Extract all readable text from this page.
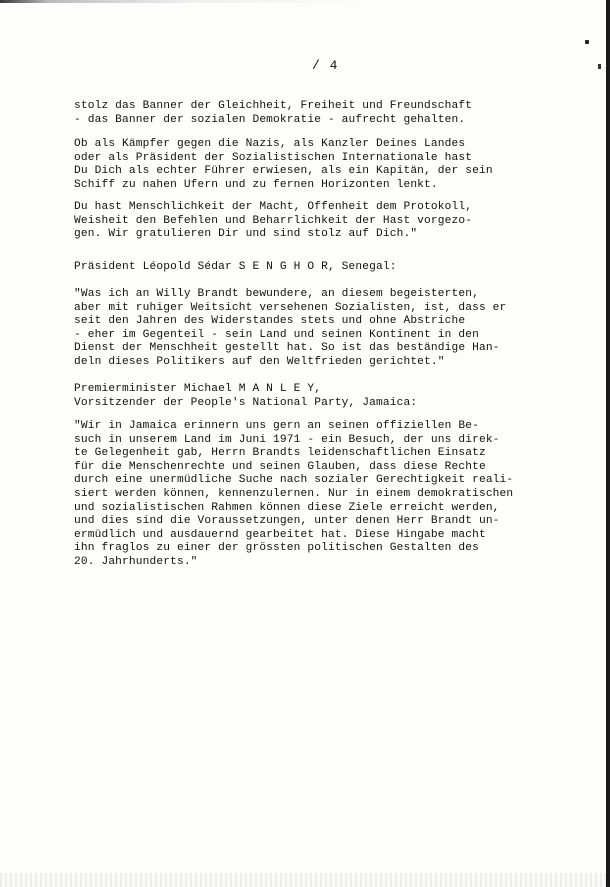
/ 4
stolz das Banner der Gleichheit, Freiheit und Freundschaft
- das Banner der sozialen Demokratie - aufrecht gehalten.
Ob als Kämpfer gegen die Nazis, als Kanzler Deines Landes
oder als Präsident der Sozialistischen Internationale hast
Du Dich als echter Führer erwiesen, als ein Kapitän, der sein
Schiff zu nahen Ufern und zu fernen Horizonten lenkt.
Du hast Menschlichkeit der Macht, Offenheit dem Protokoll,
Weisheit den Befehlen und Beharrlichkeit der Hast vorgezo-
gen. Wir gratulieren Dir und sind stolz auf Dich."
Präsident Léopold Sédar S E N G H O R, Senegal:
"Was ich an Willy Brandt bewundere, an diesem begeisterten,
aber mit ruhiger Weitsicht versehenen Sozialisten, ist, dass er
seit den Jahren des Widerstandes stets und ohne Abstriche
- eher im Gegenteil - sein Land und seinen Kontinent in den
Dienst der Menschheit gestellt hat. So ist das beständige Han-
deln dieses Politikers auf den Weltfrieden gerichtet."
Premierminister Michael M A N L E Y,
Vorsitzender der People's National Party, Jamaica:
"Wir in Jamaica erinnern uns gern an seinen offiziellen Be-
such in unserem Land im Juni 1971 - ein Besuch, der uns direk-
te Gelegenheit gab, Herrn Brandts leidenschaftlichen Einsatz
für die Menschenrechte und seinen Glauben, dass diese Rechte
durch eine unermüdliche Suche nach sozialer Gerechtigkeit reali-
siert werden können, kennenzulernen. Nur in einem demokratischen
und sozialistischen Rahmen können diese Ziele erreicht werden,
und dies sind die Voraussetzungen, unter denen Herr Brandt un-
ermüdlich und ausdauernd gearbeitet hat. Diese Hingabe macht
ihn fraglos zu einer der grössten politischen Gestalten des
20. Jahrhunderts."
